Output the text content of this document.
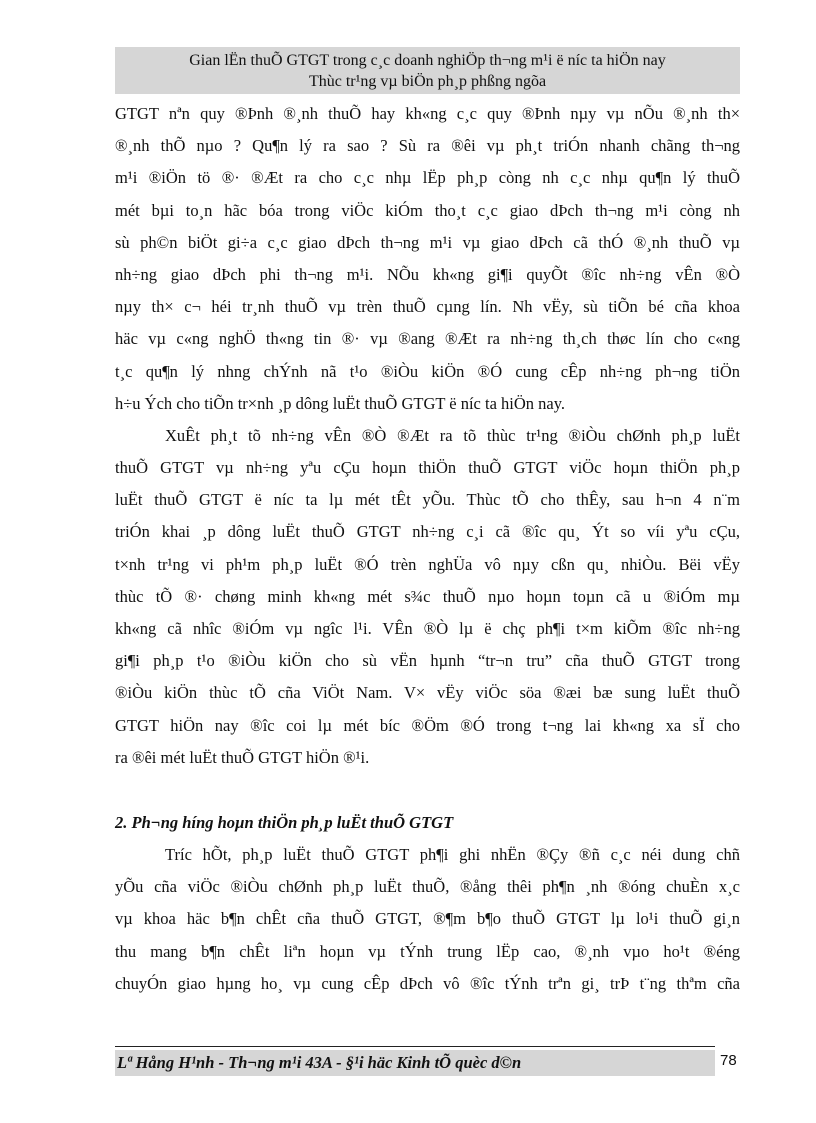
Gian lËn thuÕ GTGT trong c¸c doanh nghiÖp th¬ng m¹i ë níc ta hiÖn nay
Thùc tr¹ng vµ biÖn ph¸p phßng ngõa
GTGT nªn quy ®Þnh ®¸nh thuÕ hay kh«ng c¸c quy ®Þnh nµy vµ nÕu ®¸nh th×
®¸nh thÕ nµo ? Qu¶n lý ra sao ? Sù ra ®êi vµ ph¸t triÓn nhanh chãng th¬ng
m¹i ®iÖn tö ®· ®Æt ra cho c¸c nhµ lËp ph¸p còng nh c¸c nhµ qu¶n lý thuÕ
mét bµi to¸n hãc bóa trong viÖc kiÓm tho¸t c¸c giao dÞch th¬ng m¹i còng nh
sù ph©n biÖt gi÷a c¸c giao dÞch th¬ng m¹i vµ giao dÞch cã thÓ ®¸nh thuÕ vµ
nh÷ng giao dÞch phi th¬ng m¹i. NÕu kh«ng gi¶i quyÕt ®îc nh÷ng vÊn ®Ò
nµy th× c¬ héi tr¸nh thuÕ vµ trèn thuÕ cµng lín. Nh vËy, sù tiÕn bé cña khoa
häc vµ c«ng nghÖ th«ng tin ®· vµ ®ang ®Æt ra nh÷ng th¸ch thøc lín cho c«ng
t¸c qu¶n lý nhng chÝnh nã t¹o ®iÒu kiÖn ®Ó cung cÊp nh÷ng ph¬ng tiÖn
h÷u Ých cho tiÕn tr×nh ¸p dông luËt thuÕ GTGT ë níc ta hiÖn nay.
XuÊt ph¸t tõ nh÷ng vÊn ®Ò ®Æt ra tõ thùc tr¹ng ®iÒu chØnh ph¸p luËt
thuÕ GTGT vµ nh÷ng yªu cÇu hoµn thiÖn thuÕ GTGT viÖc hoµn thiÖn ph¸p
luËt thuÕ GTGT ë níc ta lµ mét tÊt yÕu. Thùc tÕ cho thÊy, sau h¬n 4 n¨m
triÓn khai ¸p dông luËt thuÕ GTGT nh÷ng c¸i cã ®îc qu¸ Ýt so víi yªu cÇu,
t×nh tr¹ng vi ph¹m ph¸p luËt ®Ó trèn nghÜa vô nµy cßn qu¸ nhiÒu. Bëi vËy
thùc tÕ ®· chøng minh kh«ng mét s¾c thuÕ nµo hoµn toµn cã u ®iÓm mµ
kh«ng cã nhîc ®iÓm vµ ngîc l¹i. VÊn ®Ò lµ ë chç ph¶i t×m kiÕm ®îc nh÷ng
gi¶i ph¸p t¹o ®iÒu kiÖn cho sù vËn hµnh “tr¬n tru” cña thuÕ GTGT trong
®iÒu kiÖn thùc tÕ cña ViÖt Nam. V× vËy viÖc söa ®æi bæ sung luËt thuÕ
GTGT hiÖn nay ®îc coi lµ mét bíc ®Öm ®Ó trong t¬ng lai kh«ng xa sÏ cho
ra ®êi mét luËt thuÕ GTGT hiÖn ®¹i.
2. Ph¬ng híng hoµn thiÖn ph¸p luËt thuÕ GTGT
Tríc hÕt, ph¸p luËt thuÕ GTGT ph¶i ghi nhËn ®Çy ®ñ c¸c néi dung chñ
yÕu cña viÖc ®iÒu chØnh ph¸p luËt thuÕ, ®ång thêi ph¶n ¸nh ®óng chuÈn x¸c
vµ khoa häc b¶n chÊt cña thuÕ GTGT, ®¶m b¶o thuÕ GTGT lµ lo¹i thuÕ gi¸n
thu mang b¶n chÊt liªn hoµn vµ tÝnh trung lËp cao, ®¸nh vµo ho¹t ®éng
chuyÓn giao hµng ho¸ vµ cung cÊp dÞch vô ®îc tÝnh trªn gi¸ trÞ t¨ng thªm cña
Lª Hång H¹nh - Th¬ng m¹i 43A - §¹i häc Kinh tÕ quèc d©n	78
